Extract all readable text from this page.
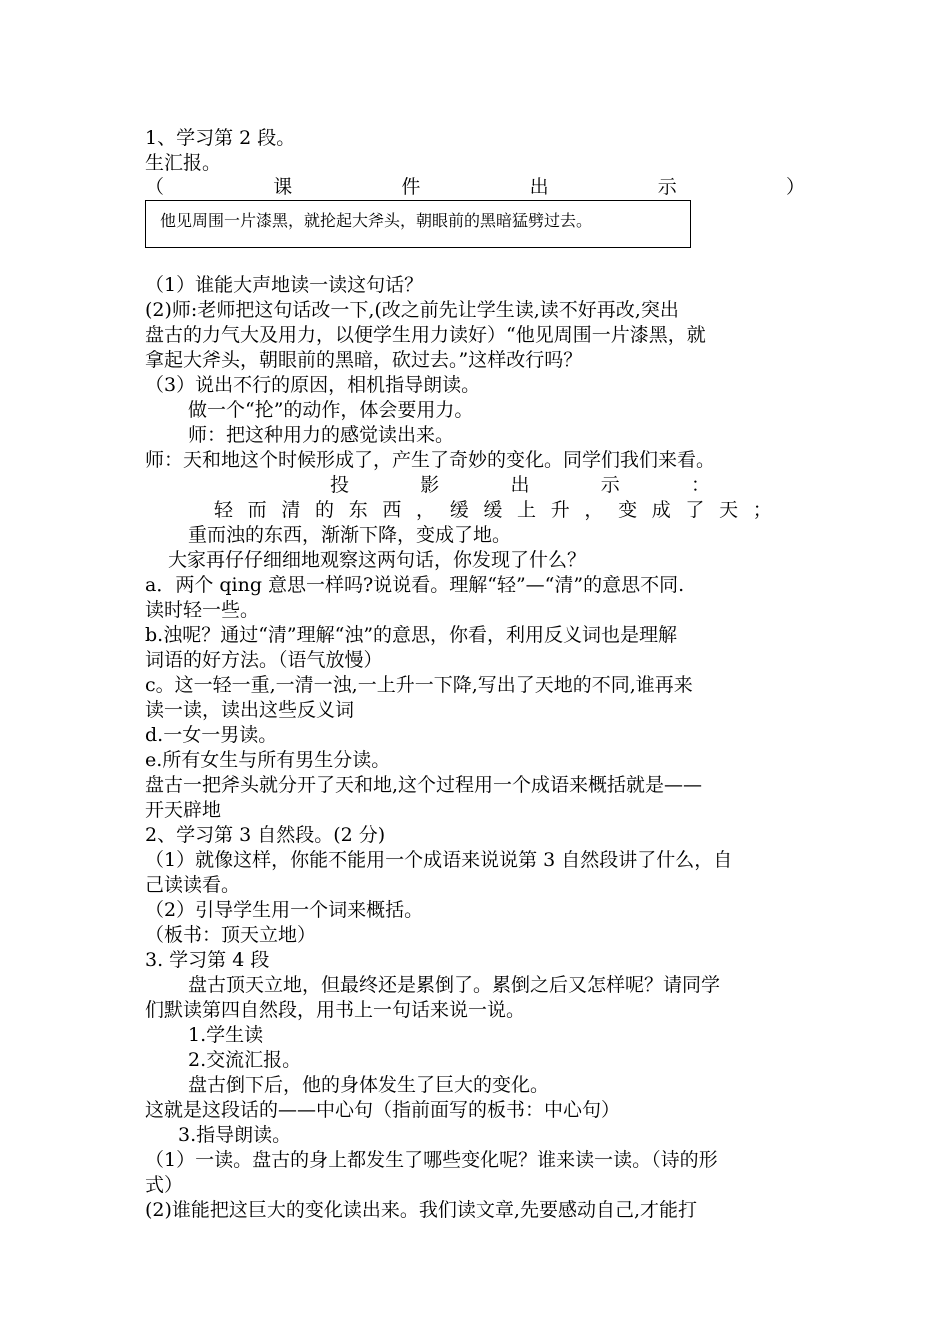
1、学习第 2 段。
生汇报。
（	课	件	出	示	）
他见周围一片漆黑，就抡起大斧头，朝眼前的黑暗猛劈过去。
（1）谁能大声地读一读这句话？
(2)师:老师把这句话改一下,(改之前先让学生读,读不好再改,突出
盘古的力气大及用力，以便学生用力读好）“他见周围一片漆黑，就
拿起大斧头，朝眼前的黑暗，砍过去。”这样改行吗？
（3）说出不行的原因，相机指导朗读。
做一个“抡”的动作，体会要用力。
师：把这种用力的感觉读出来。
师：天和地这个时候形成了，产生了奇妙的变化。同学们我们来看。
投	影	出	示	：
轻 而 清 的 东 西 ， 缓 缓 上 升 ， 变 成 了 天 ；
重而浊的东西，渐渐下降，变成了地。
大家再仔仔细细地观察这两句话，你发现了什么？
a．两个 qing 意思一样吗?说说看。理解“轻”—“清”的意思不同.
读时轻一些。
b.浊呢？通过“清”理解“浊”的意思，你看，利用反义词也是理解
词语的好方法。（语气放慢）
c。这一轻一重,一清一浊,一上升一下降,写出了天地的不同,谁再来
读一读，读出这些反义词
d.一女一男读。
e.所有女生与所有男生分读。
盘古一把斧头就分开了天和地,这个过程用一个成语来概括就是——
开天辟地
2、学习第 3 自然段。(2 分)
（1）就像这样，你能不能用一个成语来说说第 3 自然段讲了什么，自
己读读看。
（2）引导学生用一个词来概括。
（板书：顶天立地）
3. 学习第 4 段
盘古顶天立地，但最终还是累倒了。累倒之后又怎样呢？请同学
们默读第四自然段，用书上一句话来说一说。
1.学生读
2.交流汇报。
盘古倒下后，他的身体发生了巨大的变化。
这就是这段话的——中心句（指前面写的板书：中心句）
3.指导朗读。
（1）一读。盘古的身上都发生了哪些变化呢？谁来读一读。（诗的形
式）
(2)谁能把这巨大的变化读出来。我们读文章,先要感动自己,才能打
